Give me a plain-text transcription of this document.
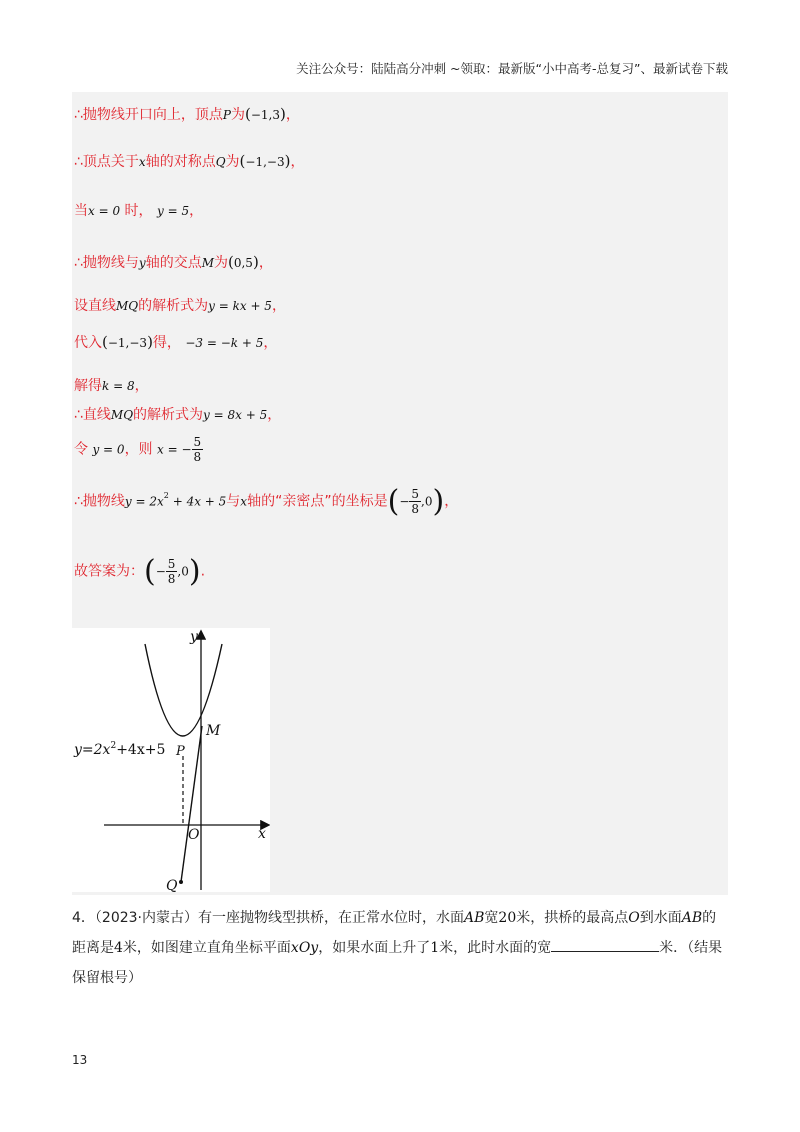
关注公众号：陆陆高分冲刺 ~领取：最新版“小中高考-总复习”、最新试卷下载
∴抛物线开口向上，顶点P为(−1,3)，
∴顶点关于x轴的对称点Q为(−1,−3)，
当x = 0 时， y = 5，
∴抛物线与y轴的交点M为(0,5)，
设直线MQ的解析式为y = kx + 5，
代入(−1,−3)得， −3 = −k + 5，
解得k = 8，
∴直线MQ的解析式为y = 8x + 5，
令 y = 0，则 x = − $\frac{5}{8}$
∴抛物线$y = 2x^2 + 4x + 5$与x轴的“亲密点”的坐标是(− $\frac{5}{8} ,0$)，
故答案为：(− $\frac{5}{8} ,0$).
y
x
O
M
P
Q
$y=2x^2+4x+5$
4．（2023·内蒙古）有一座抛物线型拱桥，在正常水位时，水面AB宽20米，拱桥的最高点O到水面AB的距离是4米，如图建立直角坐标平面xOy，如果水面上升了1米，此时水面的宽	米．（结果保留根号）
13
